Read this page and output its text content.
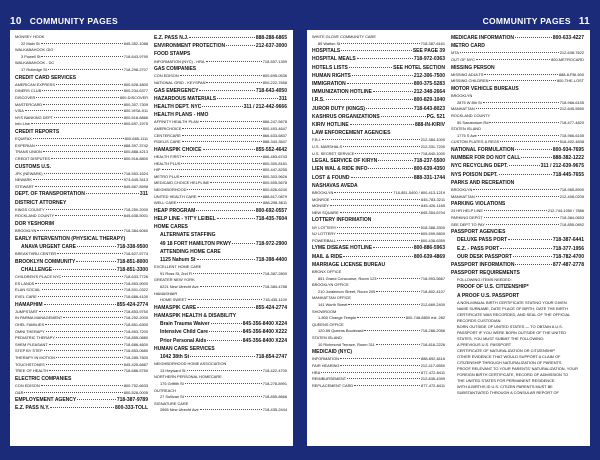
10 COMMUNITY PAGES	COMMUNITY PAGES 11
MONSEY HOOK
22 Main St	845-352-1088
WALKABAHOOK GIO
3 Powell St	718-643-9790
WALKABAHOOK - DC
17 Rutledge St	718-298-2707
CREDIT CARD SERVICES
AMERICAN EXPRESS	800-528-4800
DINERS CLUB	800-234-6377
DISCOVER	800-DISCOVER
MASTERCARD	800-307-7309
VISA	800-VISA-911
NYS BANKING DEPT	800-518-8866
Info Line	800-697-1975
CREDIT REPORTS
EQUIFAX	800-685-1111
EXPERIAN	888-397-3742
TRANS UNION	800-888-4213
CREDIT DISPUTES	800-916-8800
CUSTOMS U.S.
JFK (NEWARK)	718-553-1624
NEWARK	973-645-3413
STEWART	845-567-8998
DEPT. OF TRANSPORTATION	311
DISTRICT ATTORNEY
KINGS COUNTY	718-250-2000
ROCKLAND COUNTY	845-638-5001
DOR YESHORIM
BROOKLYN	718-384-6060
EARLY INTERVENTION (PHYSICAL THERAPY)
ANAVA URGENT CARE	718-338-9500
BREAKTHRU CENTER	718-627-5774
BROOKLYN COMMUNITY	718-851-8000
CHALLENGE	718-851-3300
CHILDREN'S PLACE NYC	718-633-7726
ES LANDS	718-853-9000
ELAN SOCIAL	718-501-0322
EVEL CARE	718-686-4100
HAMAPHIM	855-424-2774
JUMPSTART	718-853-9750
IN PARMA MANAGEMENT	718-252-2000
OHEL FAMILIES	718-851-6300
OMNI THERAPY	718-853-7200
PEDIATRIC THERAPY	718-855-0880
SHEM PLEASANT	718-686-4600
STEP BY STEP	718-853-0680
THERAPY IN MOTION	718-285-7800
TOUCHSTONES	845-425-6887
TREE OF HEALTH	718-686-5750
ELECTRIC COMPANIES
CON EDISON	800-752-6633
O&R	800-526-0005
EMPLOYEMENT AGENCY	718-387-9789
E.Z. PASS N.Y.	800-333-TOLL
E.Z. PASS N.J.	888-288-6865
ENVIRONMENT PROTECTION	212-637-3000
FOOD STAMPS
INFORMATION (NYC) - HRA	718-557-1399
GAS COMPANIES
CON EDISON	800-695-0536
NATIONAL GRID - KEYSPAN	800-222-7658
GAS EMERGENCY	718-643-4050
HAZARDOUS MATERIALS	311
HEALTH DEPT. NYC	311 / 212-442-9666
HEALTH PLANS - HMO
AFFINITY HEALTH PLAN	866-247-5678
AMERICHOICE	800-493-4647
CENTERCARE	866-633-6837
FIDELIS CARE	888-343-3547
HAMASPIK CHOICE	855-552-4642
HEALTH FIRST	866-463-6743
HEALTH PLUS	800-300-8181
HIP	800-447-8255
METRO PLUS	800-303-9626
MEDICAID CHOICE HELPLINE	800-505-5678
NEIGHBORHOOD	800-826-6240
UNITED HEALTH CARE	888-617-0879
WELL CARE	888-298-5611
HEAP PROGRAM	800-692-0557
HELP LINE - YIT'Y LEIBEL	718-435-7604
HOME CARES
ALTERNATE STAFFING
49 18 FORT HAMILTON PKWY	718-972-2900
ATTENDING HOME CARE
1125 Nahum St	718-398-4400
EXCELLENT HOME CARE
91 Ross St, 2nd Fl	718-387-2800
GREATER NEW YORK
6221 New Utrecht Ave	718-384-4788
HAMASHAIR
HOME SWEET	718-435-1100
HAMASPIK CARE	855-424-2774
HAMASPIK HEALTH & DISABILITY
Brain Trauma Waiver	845-356-8400 X224
Intensive Child Care	845-356-8400 X222
Prior Personal Aids	845-356-8400 X224
HUMAN CARE SERVICES
1042 38th St	718-854-2747
NEIGHBORHOOD HOME ASSOCIATION
13 Heyward St	718-422-4700
NORTHERN PERSONAL HOMECARE
175 Griffith St	718-278-8991
OUTREACH
27 Sullivan St	718-855-8666
SIGNATURE CARE
2665 New Utrecht Ave	718-435-2444
WHITE GLOVE COMMUNITY CARE
85 Walton St	718-387-6161
HOSPITALS	SEE PAGE 39
HOSPITAL MEALS	718-972-0363
HOTELS LISTS	SEE HOTEL SECTION
HUMAN RIGHTS	212-306-7500
IMMIGRATION	800-375-5283
IMMUNIZATION HOTLINE	212-348-2664
I.R.S.	800-829-1040
JUROR DUTY (KINGS)	718-643-8023
KASHRUS ORGANIZATIONS	PG. 521
KIRIV HOTLINE	888-IN-KIRIV
LAW ENFORCEMENT AGENCIES
F.B.I.	212-384-1000
U.S. MARSHALS	212-331-7200
U.S. SECRET SERVICE	718-840-1000
LEGAL SERVICE OF KIRYN	718-237-5500
LIEN WAL & RIDE INFO	800-639-4350
LOST & FOUND	888-331-1744
NASHAVAS AVEDA
BROOKLYN	718-851-5400 / 800-413-1219
MONROE	845-783-3211
MONSEY	845-426-1165
NEW SQUARE	845-354-6704
LOTTERY INFORMATION
NY LOTTERY	518-388-3300
NJ LOTTERY	609-599-5800
POWERBALL	800-438-6359
LYME DISEASE HOTLINE	800-886-5963
MAIL & RIDE	800-639-4869
MARRIAGE LICENSE BUREAU
BRONX OFFICE
851 Grand Concourse, Room 123	718-993-5667
BROOKLYN OFFICE
210 Joralemon Street, Room 205	718-802-4107
MANHATTAN OFFICE
141 Worth Street	212-669-2400
SHOWROOM
1-800 Change Temple	800-748-8800 ext. 282
QUEENS OFFICE
120-55 Queens Boulevard	718-286-2056
STATEN ISLAND
10 Richmond Terrace, Room 311	718-816-2226
MEDICAID (NYC)
INFORMATION	888-692-6116
FAIR HEARING	212-417-6550
HRA	877-472-8411
REIMBURSEMENT	212-835-4399
REPLACEMENT CARD	877-472-8411
MEDICARE INFORMATION	800-633-4227
METRO CARD
MTA	212-638-7622
OUT OF NYC	800-METROCARD
MISSING PERSON
MISSING ADULTS	888-8-FBI-500
MISSING CHILDREN	800-THE-LOST
MOTOR VEHICLE BUREAUS
BROOKLYN
2875 W 8th St	718-966-6155
MANHATTAN	212-645-5550
ROCKLAND COUNTY
50 Sanatorium Rd	718-477-4820
STATEN ISLAND
1775 S Ave	718-966-6155
CUSTOM PLATES & REGS	518-402-4838
NATIONAL FORMULATION	800-934-7695
NUMBER FOR DO NOT CALL	888-382-1222
NYC RECYCLING DEPT.	311 / 212-639-9675
NYS POISON DEPT.	718-445-7655
PARKS AND RECREATION
BROOKLYN	718-965-8900
MANHATTAN	212-408-0205
PARKING VIOLATIONS
24 HR HELP LINE	212-744-1050 / 7886
PARKING DEPOT	718-384-0653
SEE DEPT TO PAY	718-855-0892
PASSPORT AGENCIES
DELUXE PASS PORT	718-387-6441
E.Z. - PASS PORT	718-377-1956
OUR DESK PASSPORT	718-782-4700
PASSPORT INFORMATION	877-487-2778
PASSPORT REQUIREMENTS
FOLLOWING ITEMS NEEDED:
PROOF OF U.S. CITIZENSHIP*
A PROOF U.S. PASSPORT
A NON-MINUAL BIRTH CERTIFICATE STATING YOUR GIVEN
NAME SURNAME, DATE PLACE OF BIRTH, DATE THE BIRTH
CERTIFICATE WAS RECORDED, AND SEAL OF THE OFFICIAL
RECORDS CUSTODIAN.
BORN OUTSIDE OF UNITED STATES — TO OBTAIN A U.S.
PASSPORT IF YOU WERE BORN OUTSIDE OF THE UNITED
STATES, YOU MUST SUBMIT THE FOLLOWING:
A PREVIOUS U.S. PASSPORT
CERTIFICATE OF NATURALIZATION OR CITIZENSHIP
OTHER EVIDENCE THAT WOULD SUPPORT A CLAIM OF
CITIZENSHIP THROUGH NATURALIZATION OF PARENTS
PROOF RELEVANT TO YOUR PARENTS' NATURALIZATION, YOUR
FOREIGN BIRTH CERTIFICATE, RECORD OF ADMISSION TO
THE UNITED STATES FOR PERMANENT RESIDENCE.
WITH A BIRTHS ID U.S. CITIZEN PARENTS MUST BE
SUBSTANTIATED THROUGH A CONSULAR REPORT OF
